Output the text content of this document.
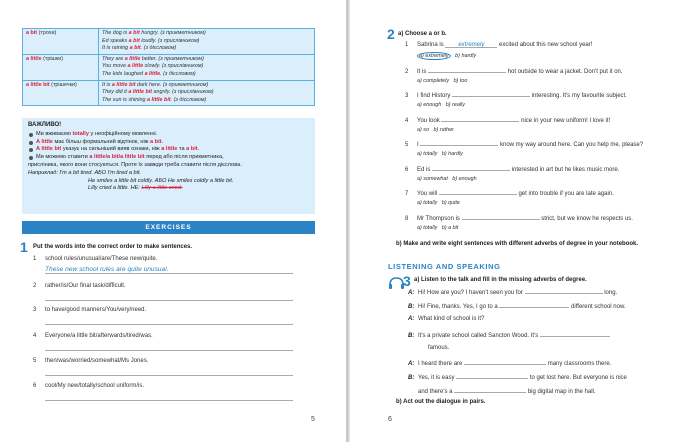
a bit (трохи)	The dog is a bit hungry. (з прикметником)
Ed speaks a bit loudly. (з прислівником)
It is raining a bit. (з дієсловом)

a little (трішки)	They are a little better. (з прикметником)
You move a little slowly. (з прислівником)
The kids laughed a little. (з дієсловом)

a little bit (трішечки)	It is a little bit dark here. (з прикметником)
They did it a little bit angrily. (з прислівником)
The sun is shining a little bit. (з дієсловом)
ВАЖЛИВО!
Ми вживаємо totally у неофіційному мовленні.
A little має більш формальний відтінок, ніж a bit.
A little bit указує на сильніший вияв ознаки, ніж a little та a bit.
Ми можемо ставити a little/a bit/a little bit перед або після прикметника,
присліника, якого вони стосуються. Проте їх завжди треба ставити після дієслова.
Наприклад: I'm a bit tired. АБО I'm tired a bit.
He smiles a little bit coldly. АБО He smiles coldly a little bit.
Lilly cried a little. НЕ: Lilly a little cried.
EXERCISES
1 Put the words into the correct order to make sentences.
1 school rules/unusual/are/These new/quite.
2 rather/is/Our final task/difficult.
3 to have/good manners/You/very/need.
4 Everyone/a little bit/afterwards/tired/was.
5 then/was/worried/somewhat/Ms Jones.
6 cool/My new/totally/school uniform/is.
These new school rules are quite unusual.
5
2 a) Choose a or b.
1 Sabrina is extremely excited about this new school year!
a) extremely b) hardly
2 It is	hot outside to wear a jacket. Don't put it on.
a) completely b) too
3 I find History	interesting. It's my favourite subject.
a) enough b) really
4 You look	nice in your new uniform! I love it!
a) so b) rather
5 I	know my way around here. Can you help me, please?
a) totally b) hardly
6 Ed is	interested in art but he likes music more.
a) somewhat b) enough
7 You will	get into trouble if you are late again.
a) totally b) quite
8 Mr Thompson is	strict, but we know he respects us.
a) totally b) a bit
b) Make and write eight sentences with different adverbs of degree in your notebook.
LISTENING AND SPEAKING
3 a) Listen to the talk and fill in the missing adverbs of degree.
A: Hi! How are you? I haven't seen you for	long.
B: Hi! Fine, thanks. Yes, I go to a	different school now.
A: What kind of school is it?
B: It's a private school called Sancton Wood. It's
famous.
A: I heard there are	many classrooms there.
B: Yes, it is easy	to get lost here. But everyone is nice
and there's a	big digital map in the hall.
b) Act out the dialogue in pairs.
6
